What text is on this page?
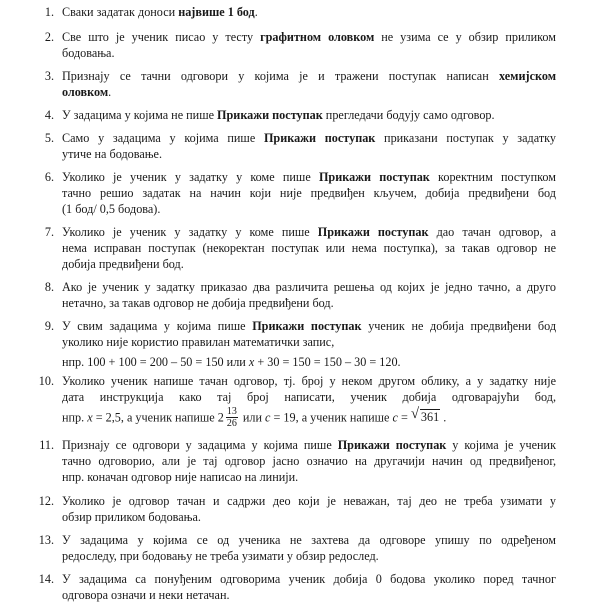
1. Сваки задатак доноси највише 1 бод.
2. Све што је ученик писао у тесту графитном оловком не узима се у обзир приликом
бодовања.
3. Признају се тачни одговори у којима је и тражени поступак написан хемијском
оловком.
4. У задацима у којима не пише Прикажи поступак прегледачи бодују само одговор.
5. Само у задацима у којима пише Прикажи поступак приказани поступак у задатку
утиче на бодовање.
6. Уколико је ученик у задатку у коме пише Прикажи поступак коректним поступком
тачно решио задатак на начин који није предвиђен кључем, добија предвиђени бод
(1 бод/ 0,5 бодова).
7. Уколико је ученик у задатку у коме пише Прикажи поступак дао тачан одговор, а
нема исправан поступак (некоректан поступак или нема поступка), за такав одговор не
добија предвиђени бод.
8. Ако је ученик у задатку приказао два различита решења од којих је једно тачно, а друго
нетачно, за такав одговор не добија предвиђени бод.
9. У свим задацима у којима пише Прикажи поступак ученик не добија предвиђени бод
уколико није користио правилан математички запис,
нпр. 100 + 100 = 200 – 50 = 150 или x + 30 = 150 = 150 – 30 = 120.
10. Уколико ученик напише тачан одговор, тј. број у неком другом облику, а у задатку није
дата инструкција како тај број написати, ученик добија одговарајући бод,
нпр. x = 2,5, а ученик напише $2 \frac{13}{26}$ или c = 19, а ученик напише c = √ 361 .
11. Признају се одговори у задацима у којима пише Прикажи поступак у којима је ученик
тачно одговорио, али је тај одговор јасно означио на другачији начин од предвиђеног,
нпр. коначан одговор није написао на линији.
12. Уколико је одговор тачан и садржи део који је неважан, тај део не треба узимати у
обзир приликом бодовања.
13. У задацима у којима се од ученика не захтева да одговоре упишу по одређеном
редоследу, при бодовању не треба узимати у обзир редослед.
14. У задацима са понуђеним одговорима ученик добија 0 бодова уколико поред тачног
одговора означи и неки нетачан.
